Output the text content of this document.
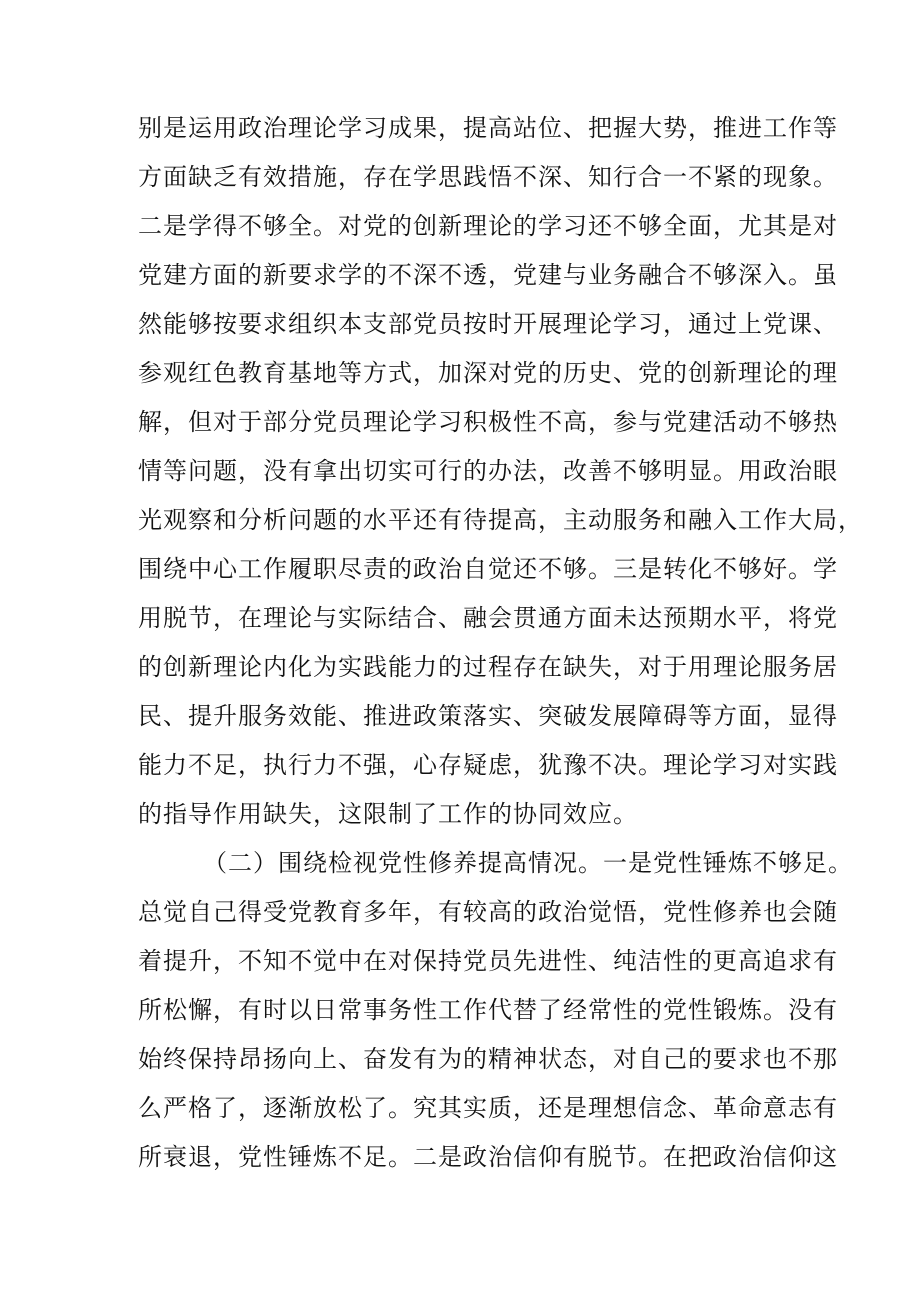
别是运用政治理论学习成果，提高站位、把握大势，推进工作等
方面缺乏有效措施，存在学思践悟不深、知行合一不紧的现象。
二是学得不够全。对党的创新理论的学习还不够全面，尤其是对
党建方面的新要求学的不深不透，党建与业务融合不够深入。虽
然能够按要求组织本支部党员按时开展理论学习，通过上党课、
参观红色教育基地等方式，加深对党的历史、党的创新理论的理
解，但对于部分党员理论学习积极性不高，参与党建活动不够热
情等问题，没有拿出切实可行的办法，改善不够明显。用政治眼
光观察和分析问题的水平还有待提高，主动服务和融入工作大局，
围绕中心工作履职尽责的政治自觉还不够。三是转化不够好。学
用脱节，在理论与实际结合、融会贯通方面未达预期水平，将党
的创新理论内化为实践能力的过程存在缺失，对于用理论服务居
民、提升服务效能、推进政策落实、突破发展障碍等方面，显得
能力不足，执行力不强，心存疑虑，犹豫不决。理论学习对实践
的指导作用缺失，这限制了工作的协同效应。
（二）围绕检视党性修养提高情况。一是党性锤炼不够足。
总觉自己得受党教育多年，有较高的政治觉悟，党性修养也会随
着提升，不知不觉中在对保持党员先进性、纯洁性的更高追求有
所松懈，有时以日常事务性工作代替了经常性的党性锻炼。没有
始终保持昂扬向上、奋发有为的精神状态，对自己的要求也不那
么严格了，逐渐放松了。究其实质，还是理想信念、革命意志有
所衰退，党性锤炼不足。二是政治信仰有脱节。在把政治信仰这
